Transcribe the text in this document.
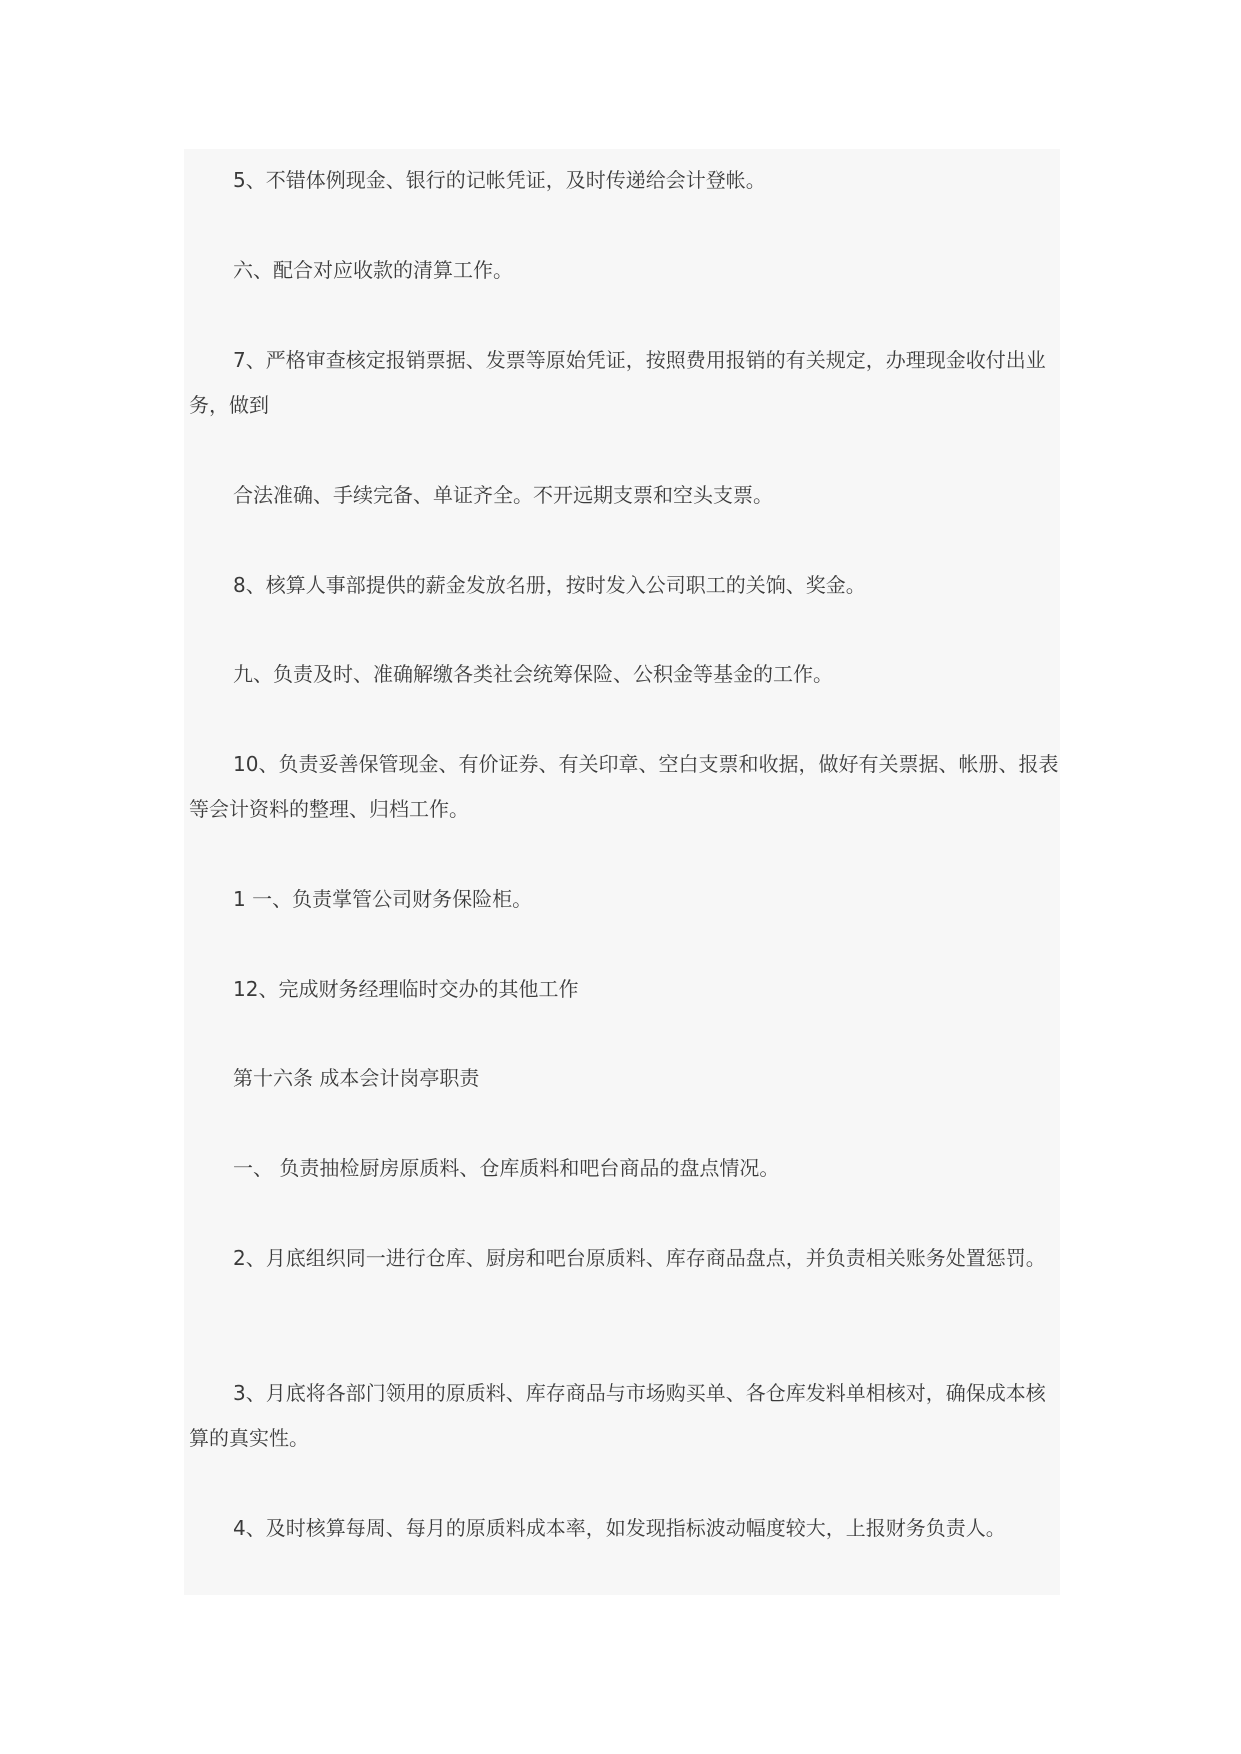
5、不错体例现金、银行的记帐凭证，及时传递给会计登帐。

六、配合对应收款的清算工作。

7、严格审查核定报销票据、发票等原始凭证，按照费用报销的有关规定，办理现金收付出业务，做到

合法准确、手续完备、单证齐全。不开远期支票和空头支票。

8、核算人事部提供的薪金发放名册，按时发入公司职工的关饷、奖金。

九、负责及时、准确解缴各类社会统筹保险、公积金等基金的工作。

10、负责妥善保管现金、有价证券、有关印章、空白支票和收据，做好有关票据、帐册、报表等会计资料的整理、归档工作。

1 一、负责掌管公司财务保险柜。

12、完成财务经理临时交办的其他工作

第十六条 成本会计岗亭职责

一、 负责抽检厨房原质料、仓库质料和吧台商品的盘点情况。

2、月底组织同一进行仓库、厨房和吧台原质料、库存商品盘点，并负责相关账务处置惩罚。

3、月底将各部门领用的原质料、库存商品与市场购买单、各仓库发料单相核对，确保成本核算的真实性。

4、及时核算每周、每月的原质料成本率，如发现指标波动幅度较大，上报财务负责人。
